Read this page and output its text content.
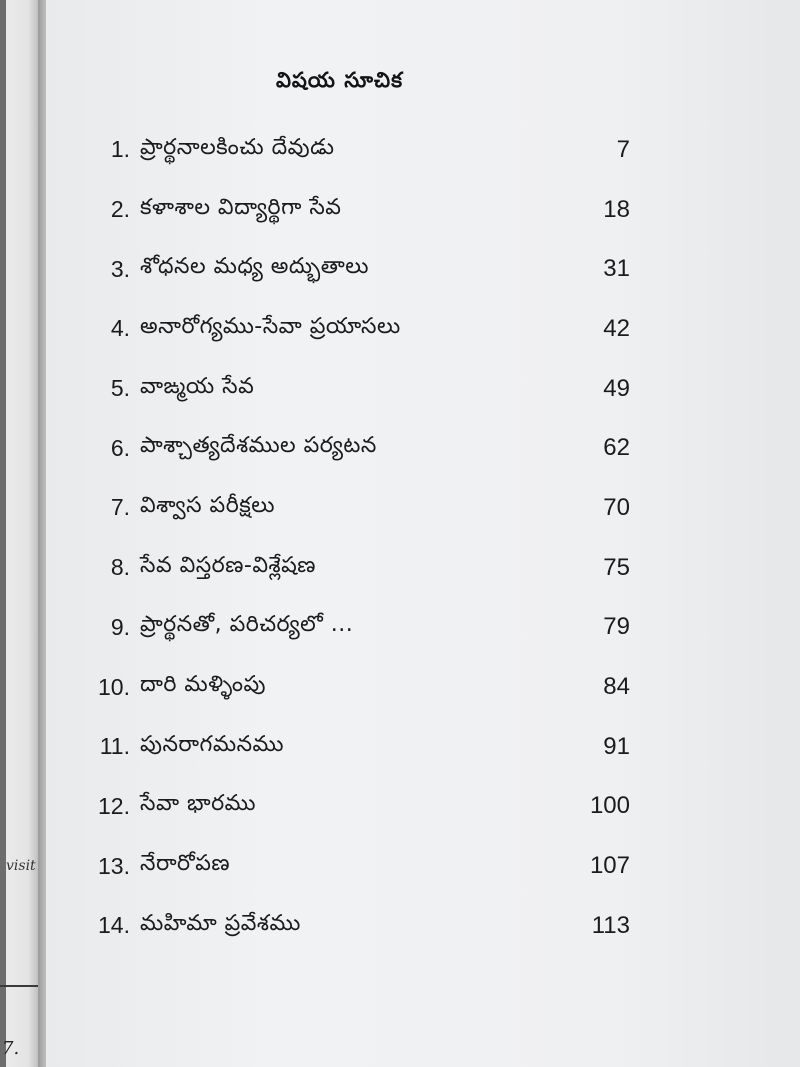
visit
7.
విషయ సూచిక
1. ప్రార్థనాలకించు దేవుడు	7
2. కళాశాల విద్యార్థిగా సేవ	18
3. శోధనల మధ్య అద్భుతాలు	31
4. అనారోగ్యము-సేవా ప్రయాసలు	42
5. వాఙ్మయ సేవ	49
6. పాశ్చాత్యదేశముల పర్యటన	62
7. విశ్వాస పరీక్షలు	70
8. సేవ విస్తరణ-విశ్లేషణ	75
9. ప్రార్థనతో, పరిచర్యలో ...	79
10. దారి మళ్ళింపు	84
11. పునరాగమనము	91
12. సేవా భారము	100
13. నేరారోపణ	107
14. మహిమా ప్రవేశము	113
